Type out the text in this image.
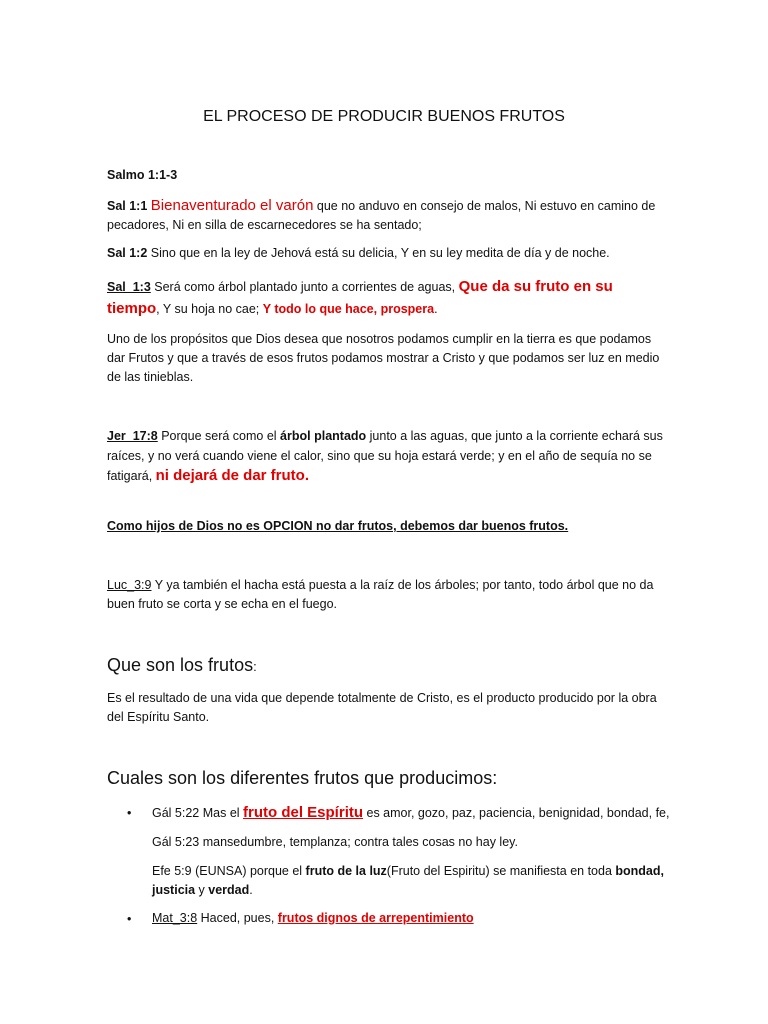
EL PROCESO DE PRODUCIR BUENOS FRUTOS

Salmo 1:1-3

Sal 1:1 Bienaventurado el varón que no anduvo en consejo de malos, Ni estuvo en camino de pecadores, Ni en silla de escarnecedores se ha sentado;

Sal 1:2 Sino que en la ley de Jehová está su delicia, Y en su ley medita de día y de noche.

Sal_1:3 Será como árbol plantado junto a corrientes de aguas, Que da su fruto en su tiempo, Y su hoja no cae; Y todo lo que hace, prospera.

Uno de los propósitos que Dios desea que nosotros podamos cumplir en la tierra es que podamos dar Frutos y que a través de esos frutos podamos mostrar a Cristo y que podamos ser luz en medio de las tinieblas.

Jer_17:8 Porque será como el árbol plantado junto a las aguas, que junto a la corriente echará sus raíces, y no verá cuando viene el calor, sino que su hoja estará verde; y en el año de sequía no se fatigará, ni dejará de dar fruto.

Como hijos de Dios no es OPCION no dar frutos, debemos dar buenos frutos.

Luc_3:9 Y ya también el hacha está puesta a la raíz de los árboles; por tanto, todo árbol que no da buen fruto se corta y se echa en el fuego.

Que son los frutos:

Es el resultado de una vida que depende totalmente de Cristo, es el producto producido por la obra del Espíritu Santo.

Cuales son los diferentes frutos que producimos:
• Gál 5:22 Mas el fruto del Espíritu es amor, gozo, paz, paciencia, benignidad, bondad, fe,

Gál 5:23 mansedumbre, templanza; contra tales cosas no hay ley.

Efe 5:9 (EUNSA) porque el fruto de la luz(Fruto del Espiritu) se manifiesta en toda bondad, justicia y verdad.

• Mat_3:8 Haced, pues, frutos dignos de arrepentimiento
